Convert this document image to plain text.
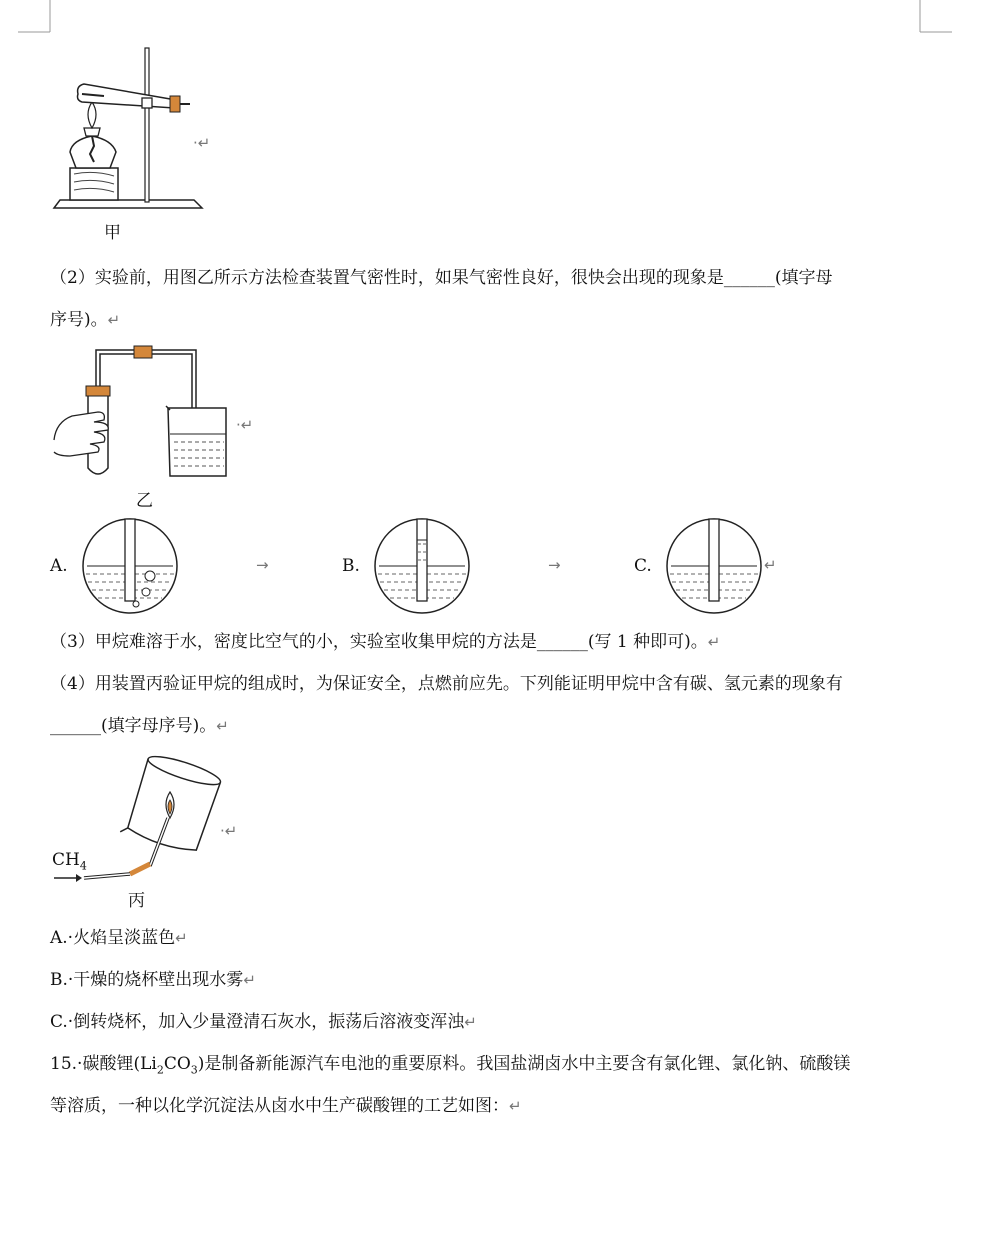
甲
·↵
（2）实验前，用图乙所示方法检查装置气密性时，如果气密性良好，很快会出现的现象是______(填字母
序号)。↵
乙
·↵
A.	→	B.	→	C.	↵
（3）甲烷难溶于水，密度比空气的小，实验室收集甲烷的方法是______(写 1 种即可)。↵
（4）用装置丙验证甲烷的组成时，为保证安全，点燃前应先。下列能证明甲烷中含有碳、氢元素的现象有
______(填字母序号)。↵
$CH_4$
丙
·↵
A.·火焰呈淡蓝色↵
B.·干燥的烧杯壁出现水雾↵
C.·倒转烧杯，加入少量澄清石灰水，振荡后溶液变浑浊↵
15.·碳酸锂$(Li_2CO_3)$是制备新能源汽车电池的重要原料。我国盐湖卤水中主要含有氯化锂、氯化钠、硫酸镁
等溶质，一种以化学沉淀法从卤水中生产碳酸锂的工艺如图：↵
